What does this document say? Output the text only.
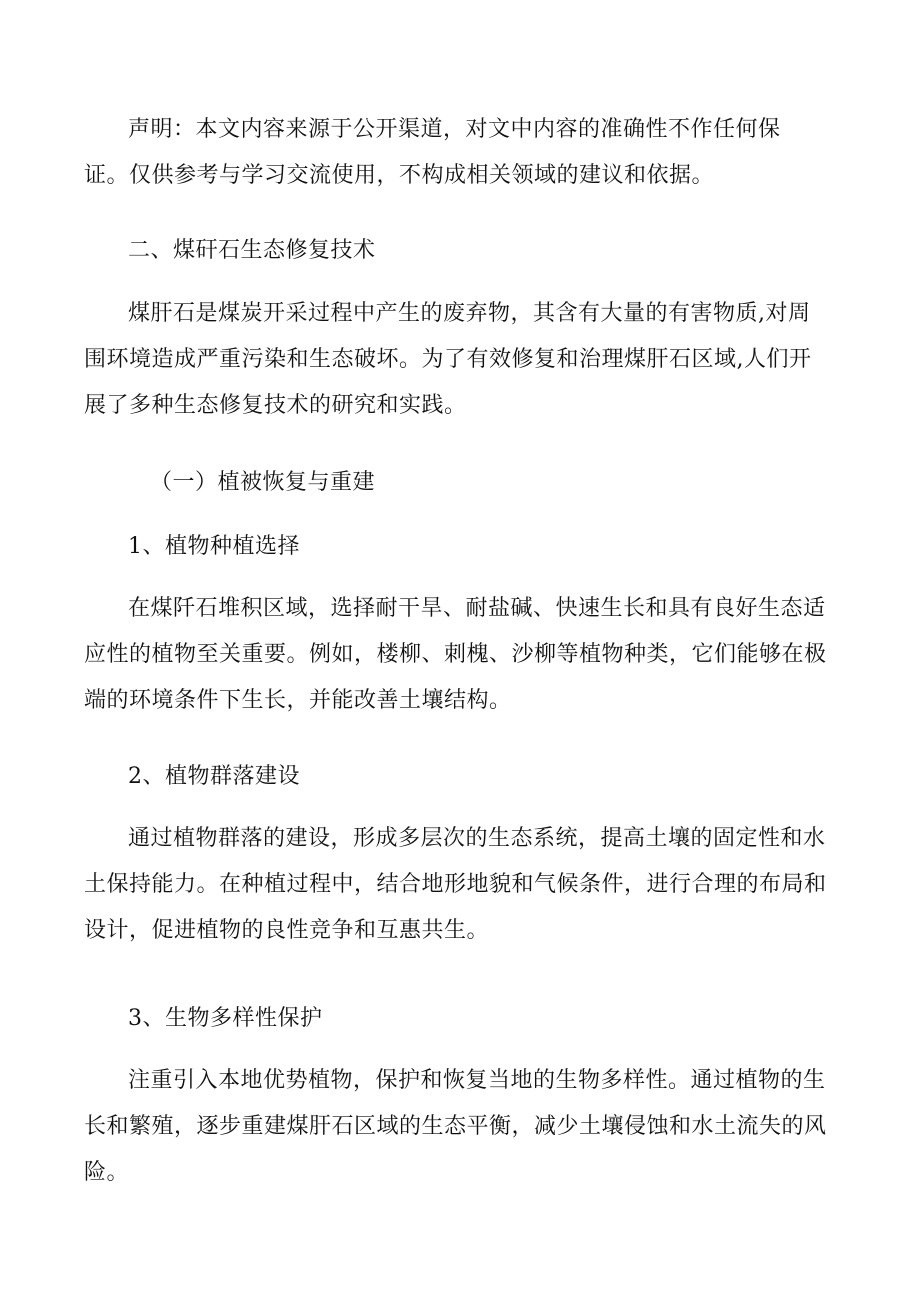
声明：本文内容来源于公开渠道，对文中内容的准确性不作任何保
证。仅供参考与学习交流使用，不构成相关领域的建议和依据。
二、煤矸石生态修复技术
煤肝石是煤炭开采过程中产生的废弃物，其含有大量的有害物质,对周
围环境造成严重污染和生态破坏。为了有效修复和治理煤肝石区域,人们开
展了多种生态修复技术的研究和实践。
（一）植被恢复与重建
1、植物种植选择
在煤阡石堆积区域，选择耐干旱、耐盐碱、快速生长和具有良好生态适
应性的植物至关重要。例如，楼柳、刺槐、沙柳等植物种类，它们能够在极
端的环境条件下生长，并能改善土壤结构。
2、植物群落建设
通过植物群落的建设，形成多层次的生态系统，提高土壤的固定性和水
土保持能力。在种植过程中，结合地形地貌和气候条件，进行合理的布局和
设计，促进植物的良性竞争和互惠共生。
3、生物多样性保护
注重引入本地优势植物，保护和恢复当地的生物多样性。通过植物的生
长和繁殖，逐步重建煤肝石区域的生态平衡，减少土壤侵蚀和水土流失的风
险。
